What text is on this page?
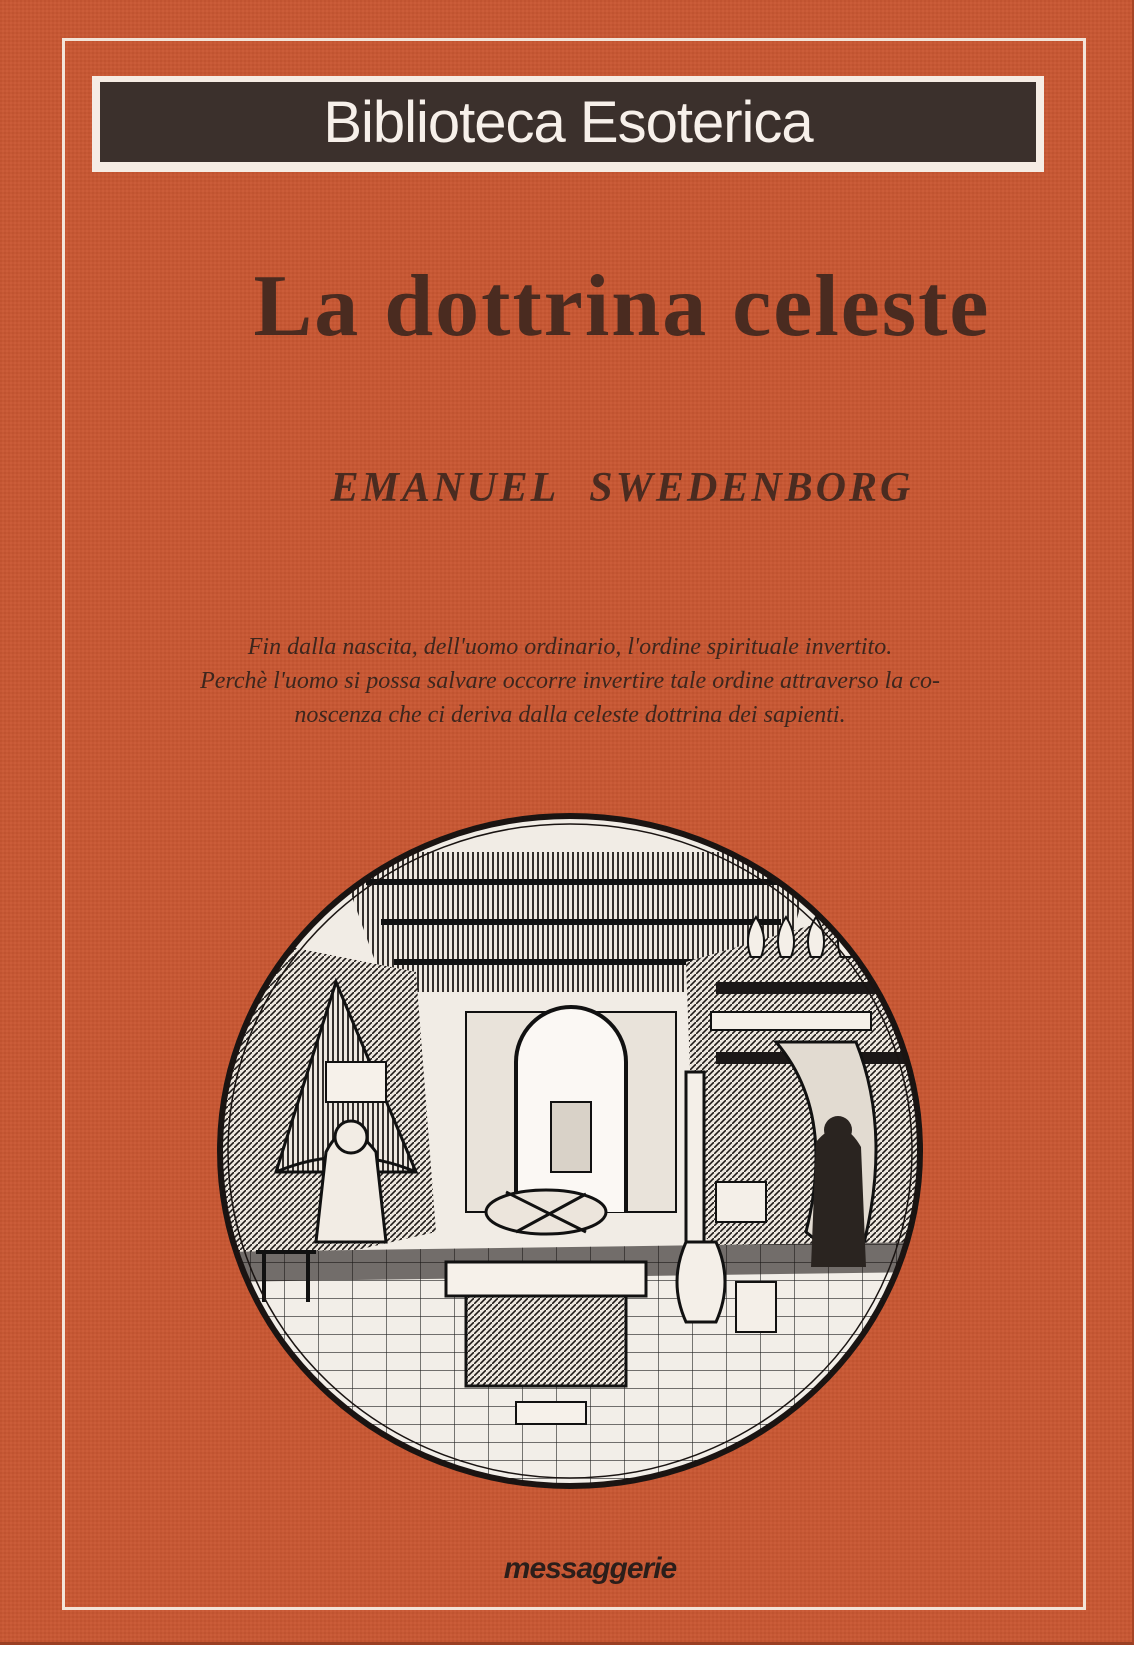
Biblioteca Esoterica
La dottrina celeste
EMANUEL SWEDENBORG
Fin dalla nascita, dell'uomo ordinario, l'ordine spirituale invertito.
Perchè l'uomo si possa salvare occorre invertire tale ordine attraverso la co-
noscenza che ci deriva dalla celeste dottrina dei sapienti.
messaggerie
